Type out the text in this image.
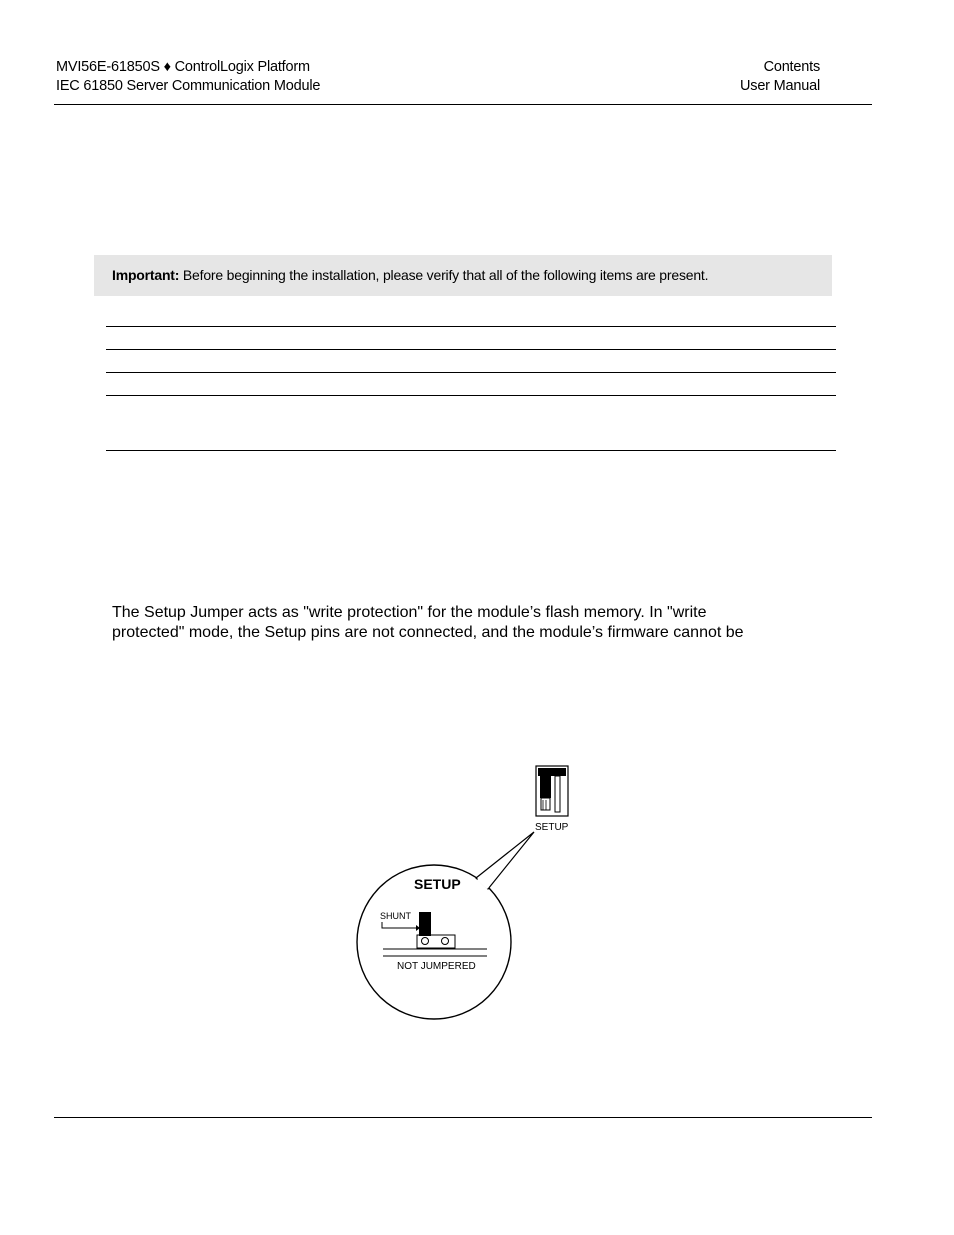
MVI56E-61850S ♦ ControlLogix Platform
IEC 61850 Server Communication Module
Contents
User Manual
Important: Before beginning the installation, please verify that all of the following items are present.
The Setup Jumper acts as "write protection" for the module’s flash memory. In "write
protected" mode, the Setup pins are not connected, and the module’s firmware cannot be
SETUP
SETUP
SHUNT
NOT JUMPERED
